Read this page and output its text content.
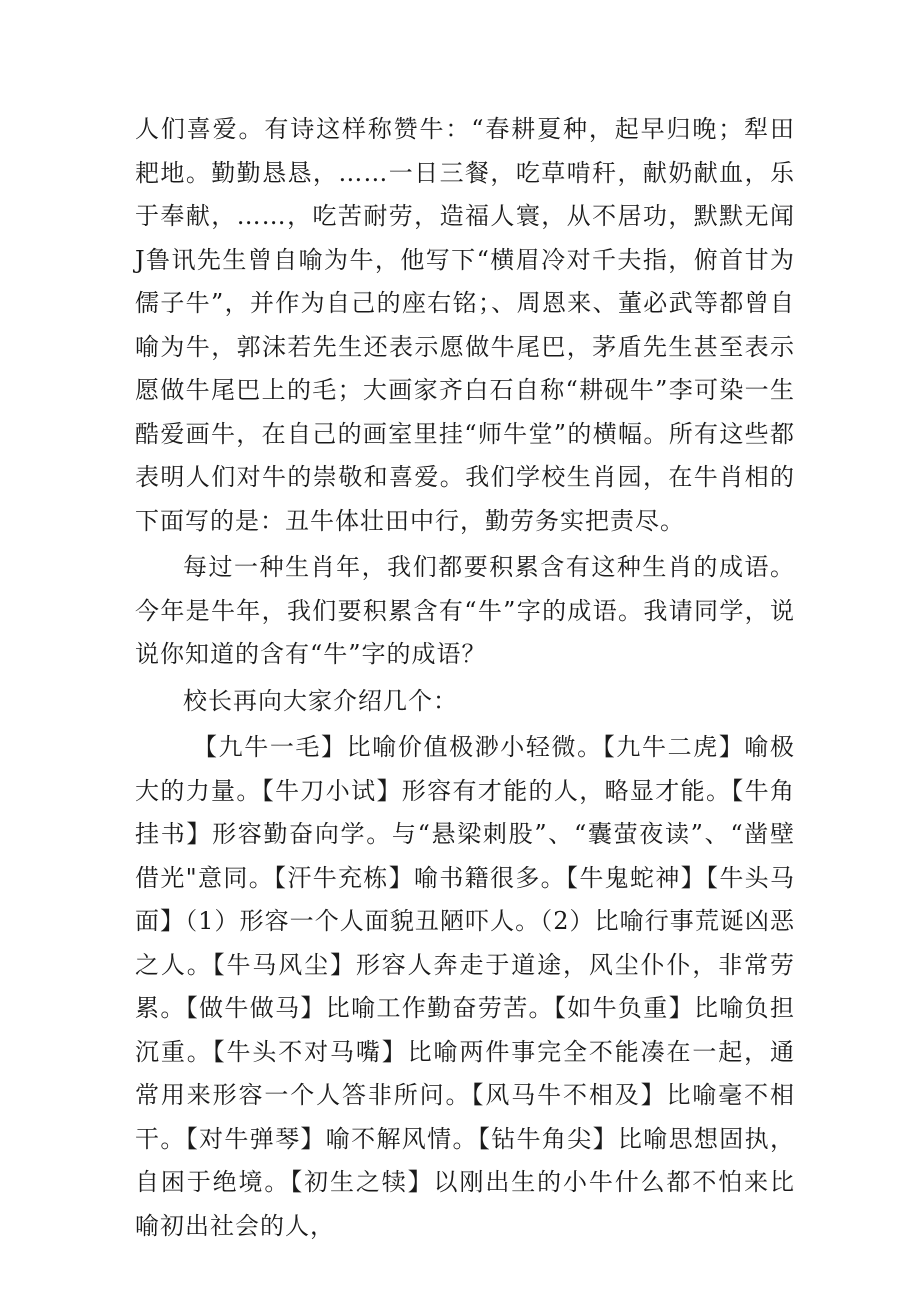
人们喜爱。有诗这样称赞牛：“春耕夏种，起早归晚；犁田耙地。勤勤恳恳，……一日三餐，吃草啃秆，献奶献血，乐于奉献，……，吃苦耐劳，造福人寰，从不居功，默默无闻J鲁讯先生曾自喻为牛，他写下“横眉冷对千夫指，俯首甘为儒子牛”，并作为自己的座右铭；、周恩来、董必武等都曾自喻为牛，郭沫若先生还表示愿做牛尾巴，茅盾先生甚至表示愿做牛尾巴上的毛；大画家齐白石自称“耕砚牛”李可染一生酷爱画牛，在自己的画室里挂“师牛堂”的横幅。所有这些都表明人们对牛的崇敬和喜爱。我们学校生肖园，在牛肖相的下面写的是：丑牛体壮田中行，勤劳务实把责尽。

每过一种生肖年，我们都要积累含有这种生肖的成语。今年是牛年，我们要积累含有“牛”字的成语。我请同学，说说你知道的含有“牛”字的成语？

校长再向大家介绍几个：

【九牛一毛】比喻价值极渺小轻微。【九牛二虎】喻极大的力量。【牛刀小试】形容有才能的人，略显才能。【牛角挂书】形容勤奋向学。与“悬梁刺股”、“囊萤夜读”、“凿壁借光"意同。【汗牛充栋】喻书籍很多。【牛鬼蛇神】【牛头马面】（1）形容一个人面貌丑陋吓人。（2）比喻行事荒诞凶恶之人。【牛马风尘】形容人奔走于道途，风尘仆仆，非常劳累。【做牛做马】比喻工作勤奋劳苦。【如牛负重】比喻负担沉重。【牛头不对马嘴】比喻两件事完全不能凑在一起，通常用来形容一个人答非所问。【风马牛不相及】比喻毫不相干。【对牛弹琴】喻不解风情。【钻牛角尖】比喻思想固执，自困于绝境。【初生之犊】以刚出生的小牛什么都不怕来比喻初出社会的人，
